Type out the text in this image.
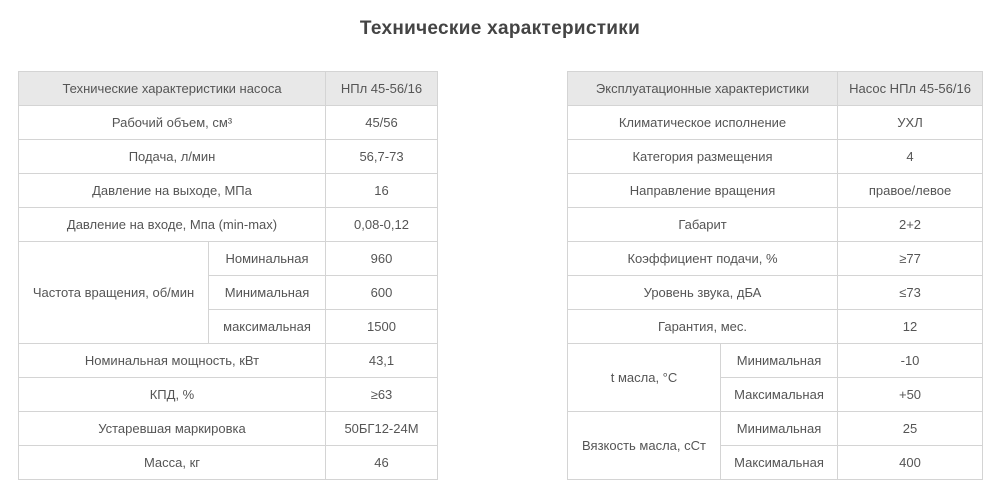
Технические характеристики
Технические характеристики насоса		НПл 45-56/16
Рабочий объем, см³		45/56
Подача, л/мин		56,7-73
Давление на выходе, МПа		16
Давление на входе, Мпа (min-max)		0,08-0,12
Частота вращения, об/мин	Номинальная	960
	Минимальная	600
	максимальная	1500
Номинальная мощность, кВт		43,1
КПД, %		≥63
Устаревшая маркировка		50БГ12-24М
Масса, кг		46
Эксплуатационные характеристики		Насос НПл 45-56/16
Климатическое исполнение		УХЛ
Категория размещения		4
Направление вращения		правое/левое
Габарит		2+2
Коэффициент подачи, %		≥77
Уровень звука, дБА		≤73
Гарантия, мес.		12
t масла, °С	Минимальная	-10
	Максимальная	+50
Вязкость масла, сСт	Минимальная	25
	Максимальная	400
